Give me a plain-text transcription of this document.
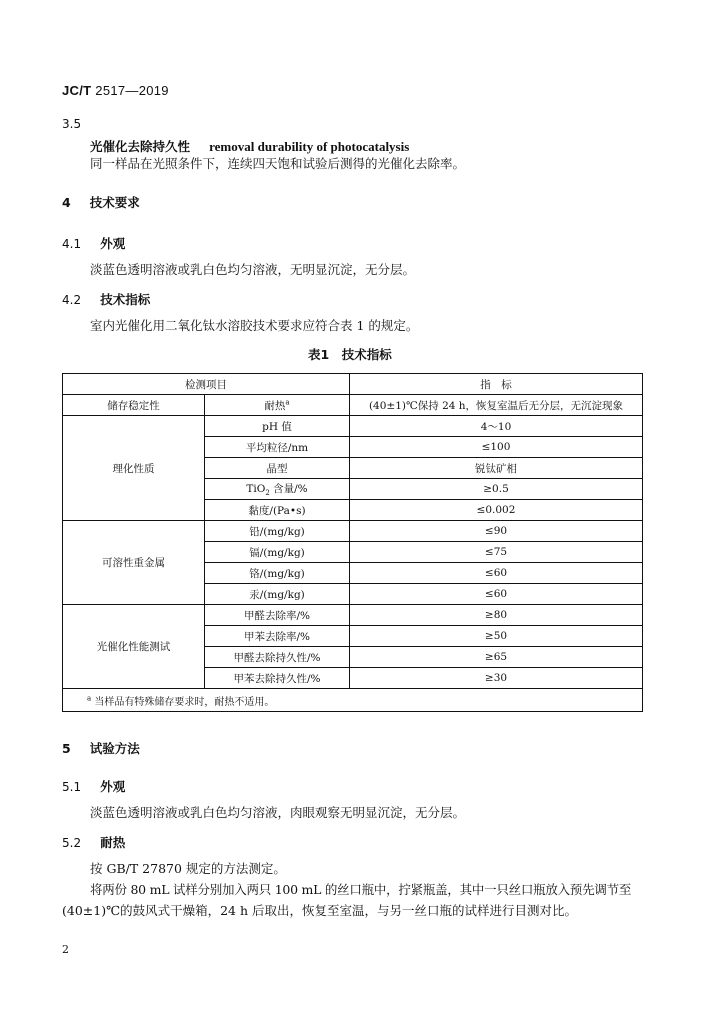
JC/T 2517—2019
3.5
光催化去除持久性 removal durability of photocatalysis
同一样品在光照条件下，连续四天饱和试验后测得的光催化去除率。
4 技术要求
4.1 外观
淡蓝色透明溶液或乳白色均匀溶液，无明显沉淀，无分层。
4.2 技术指标
室内光催化用二氧化钛水溶胶技术要求应符合表 1 的规定。
表1　技术指标
检测项目		指　标
储存稳定性	耐热$^a$	(40±1)℃保持 24 h，恢复室温后无分层，无沉淀现象
理化性质	pH 值	4～10
	平均粒径/nm	≤100
	晶型	锐钛矿相
	TiO$_2$ 含量/%	≥0.5
	黏度/(Pa•s)	≤0.002
可溶性重金属	铅/(mg/kg)	≤90
	镉/(mg/kg)	≤75
	铬/(mg/kg)	≤60
	汞/(mg/kg)	≤60
光催化性能测试	甲醛去除率/%	≥80
	甲苯去除率/%	≥50
	甲醛去除持久性/%	≥65
	甲苯去除持久性/%	≥30
$^a$ 当样品有特殊储存要求时，耐热不适用。		
5 试验方法
5.1 外观
淡蓝色透明溶液或乳白色均匀溶液，肉眼观察无明显沉淀，无分层。
5.2 耐热
按 GB/T 27870 规定的方法测定。
将两份 80 mL 试样分别加入两只 100 mL 的丝口瓶中，拧紧瓶盖，其中一只丝口瓶放入预先调节至
(40±1)℃的鼓风式干燥箱，24 h 后取出，恢复至室温，与另一丝口瓶的试样进行目测对比。
2
